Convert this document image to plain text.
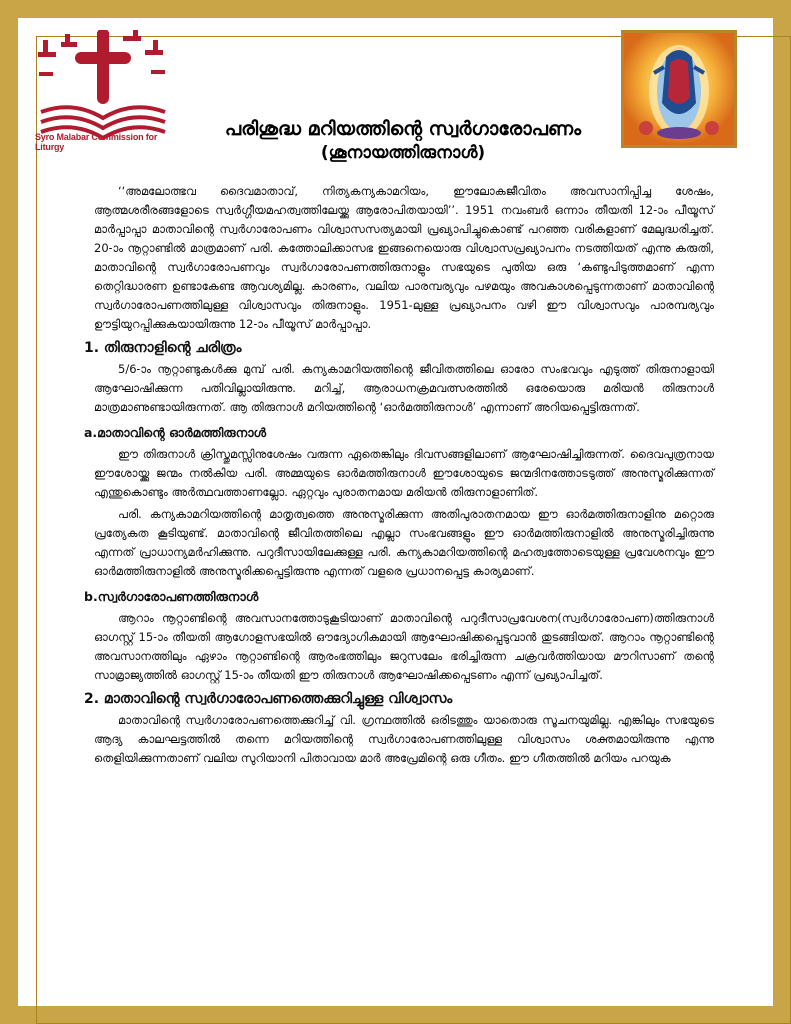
Syro Malabar Commission for Liturgy
പരിശുദ്ധ മറിയത്തിന്റെ സ്വർഗാരോപണം
(ശൂനായത്തിരുനാൾ)

‘‘അമലോത്ഭവ ദൈവമാതാവ്, നിത്യകന്യകാമറിയം, ഈലോകജീവിതം അവസാനിപ്പിച്ച ശേഷം, ആത്മശരീരങ്ങളോടെ സ്വർഗ്ഗീയമഹത്വത്തിലേയ്ക്കു ആരോപിതയായി’’. 1951 നവംബർ ഒന്നാം തീയതി 12-ാം പീയൂസ് മാർപ്പാപ്പാ മാതാവിന്റെ സ്വർഗാരോപണം വിശ്വാസസത്യമായി പ്രഖ്യാപിച്ചുകൊണ്ട് പറഞ്ഞ വരികളാണ് മേലുദ്ധരിച്ചത്. 20-ാം നൂറ്റാണ്ടിൽ മാത്രമാണ് പരി. കത്തോലിക്കാസഭ ഇങ്ങനെയൊരു വിശ്വാസപ്രഖ്യാപനം നടത്തിയത് എന്നു കരുതി, മാതാവിന്റെ സ്വർഗാരോപണവും സ്വർഗാരോപണത്തിരുനാളും സഭയുടെ പുതിയ ഒരു ‘കണ്ടുപിടുത്തമാണ് എന്ന തെറ്റിദ്ധാരണ ഉണ്ടാകേണ്ട ആവശ്യമില്ല. കാരണം, വലിയ പാരമ്പര്യവും പഴമയും അവകാശപ്പെടുന്നതാണ് മാതാവിന്റെ സ്വർഗാരോപണത്തിലുള്ള വിശ്വാസവും തിരുനാളും. 1951-ലുള്ള പ്രഖ്യാപനം വഴി ഈ വിശ്വാസവും പാരമ്പര്യവും ഊട്ടിയുറപ്പിക്കുകയായിരുന്നു 12-ാം പീയൂസ് മാർപ്പാപ്പാ.

1. തിരുനാളിന്റെ ചരിത്രം

5/6-ാം നൂറ്റാണ്ടുകൾക്കു മുമ്പ് പരി. കന്യകാമറിയത്തിന്റെ ജീവിതത്തിലെ ഓരോ സംഭവവും എടുത്ത് തിരുനാളായി ആഘോഷിക്കുന്ന പതിവില്ലായിരുന്നു. മറിച്ച്, ആരാധനക്രമവത്സരത്തിൽ ഒരേയൊരു മരിയൻ തിരുനാൾ മാത്രമാണുണ്ടായിരുന്നത്. ആ തിരുനാൾ മറിയത്തിന്റെ ‘ഓർമത്തിരുനാൾ’ എന്നാണ് അറിയപ്പെട്ടിരുന്നത്.

a.മാതാവിന്റെ ഓർമത്തിരുനാൾ

ഈ തിരുനാൾ ക്രിസ്തുമസ്സിനുശേഷം വരുന്ന ഏതെങ്കിലും ദിവസങ്ങളിലാണ് ആഘോഷിച്ചിരുന്നത്. ദൈവപുത്രനായ ഈശോയ്ക്കു ജന്മം നൽകിയ പരി. അമ്മയുടെ ഓർമത്തിരുനാൾ ഈശോയുടെ ജന്മദിനത്തോടടുത്ത് അനുസ്മരിക്കുന്നത് എന്തുകൊണ്ടും അർത്ഥവത്താണല്ലോ. ഏറ്റവും പുരാതനമായ മരിയൻ തിരുനാളാണിത്.

പരി. കന്യകാമറിയത്തിന്റെ മാതൃത്വത്തെ അനുസ്മരിക്കുന്ന അതിപുരാതനമായ ഈ ഓർമത്തിരുനാളിനു മറ്റൊരു പ്രത്യേകത കൂടിയുണ്ട്. മാതാവിന്റെ ജീവിതത്തിലെ എല്ലാ സംഭവങ്ങളും ഈ ഓർമത്തിരുനാളിൽ അനുസ്മരിച്ചിരുന്നു എന്നത് പ്രാധാന്യമർഹിക്കുന്നു. പറുദീസായിലേക്കുള്ള പരി. കന്യകാമറിയത്തിന്റെ മഹത്വത്തോടെയുള്ള പ്രവേശനവും ഈ ഓർമത്തിരുനാളിൽ അനുസ്മരിക്കപ്പെട്ടിരുന്നു എന്നത് വളരെ പ്രധാനപ്പെട്ട കാര്യമാണ്.

b.സ്വർഗാരോപണത്തിരുനാൾ

ആറാം നൂറ്റാണ്ടിന്റെ അവസാനത്തോടുകൂടിയാണ് മാതാവിന്റെ പറുദീസാപ്രവേശന(സ്വർഗാരോപണ)ത്തിരുനാൾ ഓഗസ്റ്റ് 15-ാം തീയതി ആഗോളസഭയിൽ ഔദ്യോഗികമായി ആഘോഷിക്കപ്പെടുവാൻ തുടങ്ങിയത്. ആറാം നൂറ്റാണ്ടിന്റെ അവസാനത്തിലും ഏഴാം നൂറ്റാണ്ടിന്റെ ആരംഭത്തിലും ജറുസലേം ഭരിച്ചിരുന്ന ചക്രവർത്തിയായ മൗറിസാണ് തന്റെ സാമ്രാജ്യത്തിൽ ഓഗസ്റ്റ് 15-ാം തീയതി ഈ തിരുനാൾ ആഘോഷിക്കപ്പെടണം എന്ന് പ്രഖ്യാപിച്ചത്.

2. മാതാവിന്റെ സ്വർഗാരോപണത്തെക്കുറിച്ചുള്ള വിശ്വാസം

മാതാവിന്റെ സ്വർഗാരോപണത്തെക്കുറിച്ച് വി. ഗ്രന്ഥത്തിൽ ഒരിടത്തും യാതൊരു സൂചനയുമില്ല. എങ്കിലും സഭയുടെ ആദ്യ കാലഘട്ടത്തിൽ തന്നെ മറിയത്തിന്റെ സ്വർഗാരോപണത്തിലുള്ള വിശ്വാസം ശക്തമായിരുന്നു എന്നു തെളിയിക്കുന്നതാണ് വലിയ സുറിയാനി പിതാവായ മാർ അപ്രേമിന്റെ ഒരു ഗീതം. ഈ ഗീതത്തിൽ മറിയം പറയുക
